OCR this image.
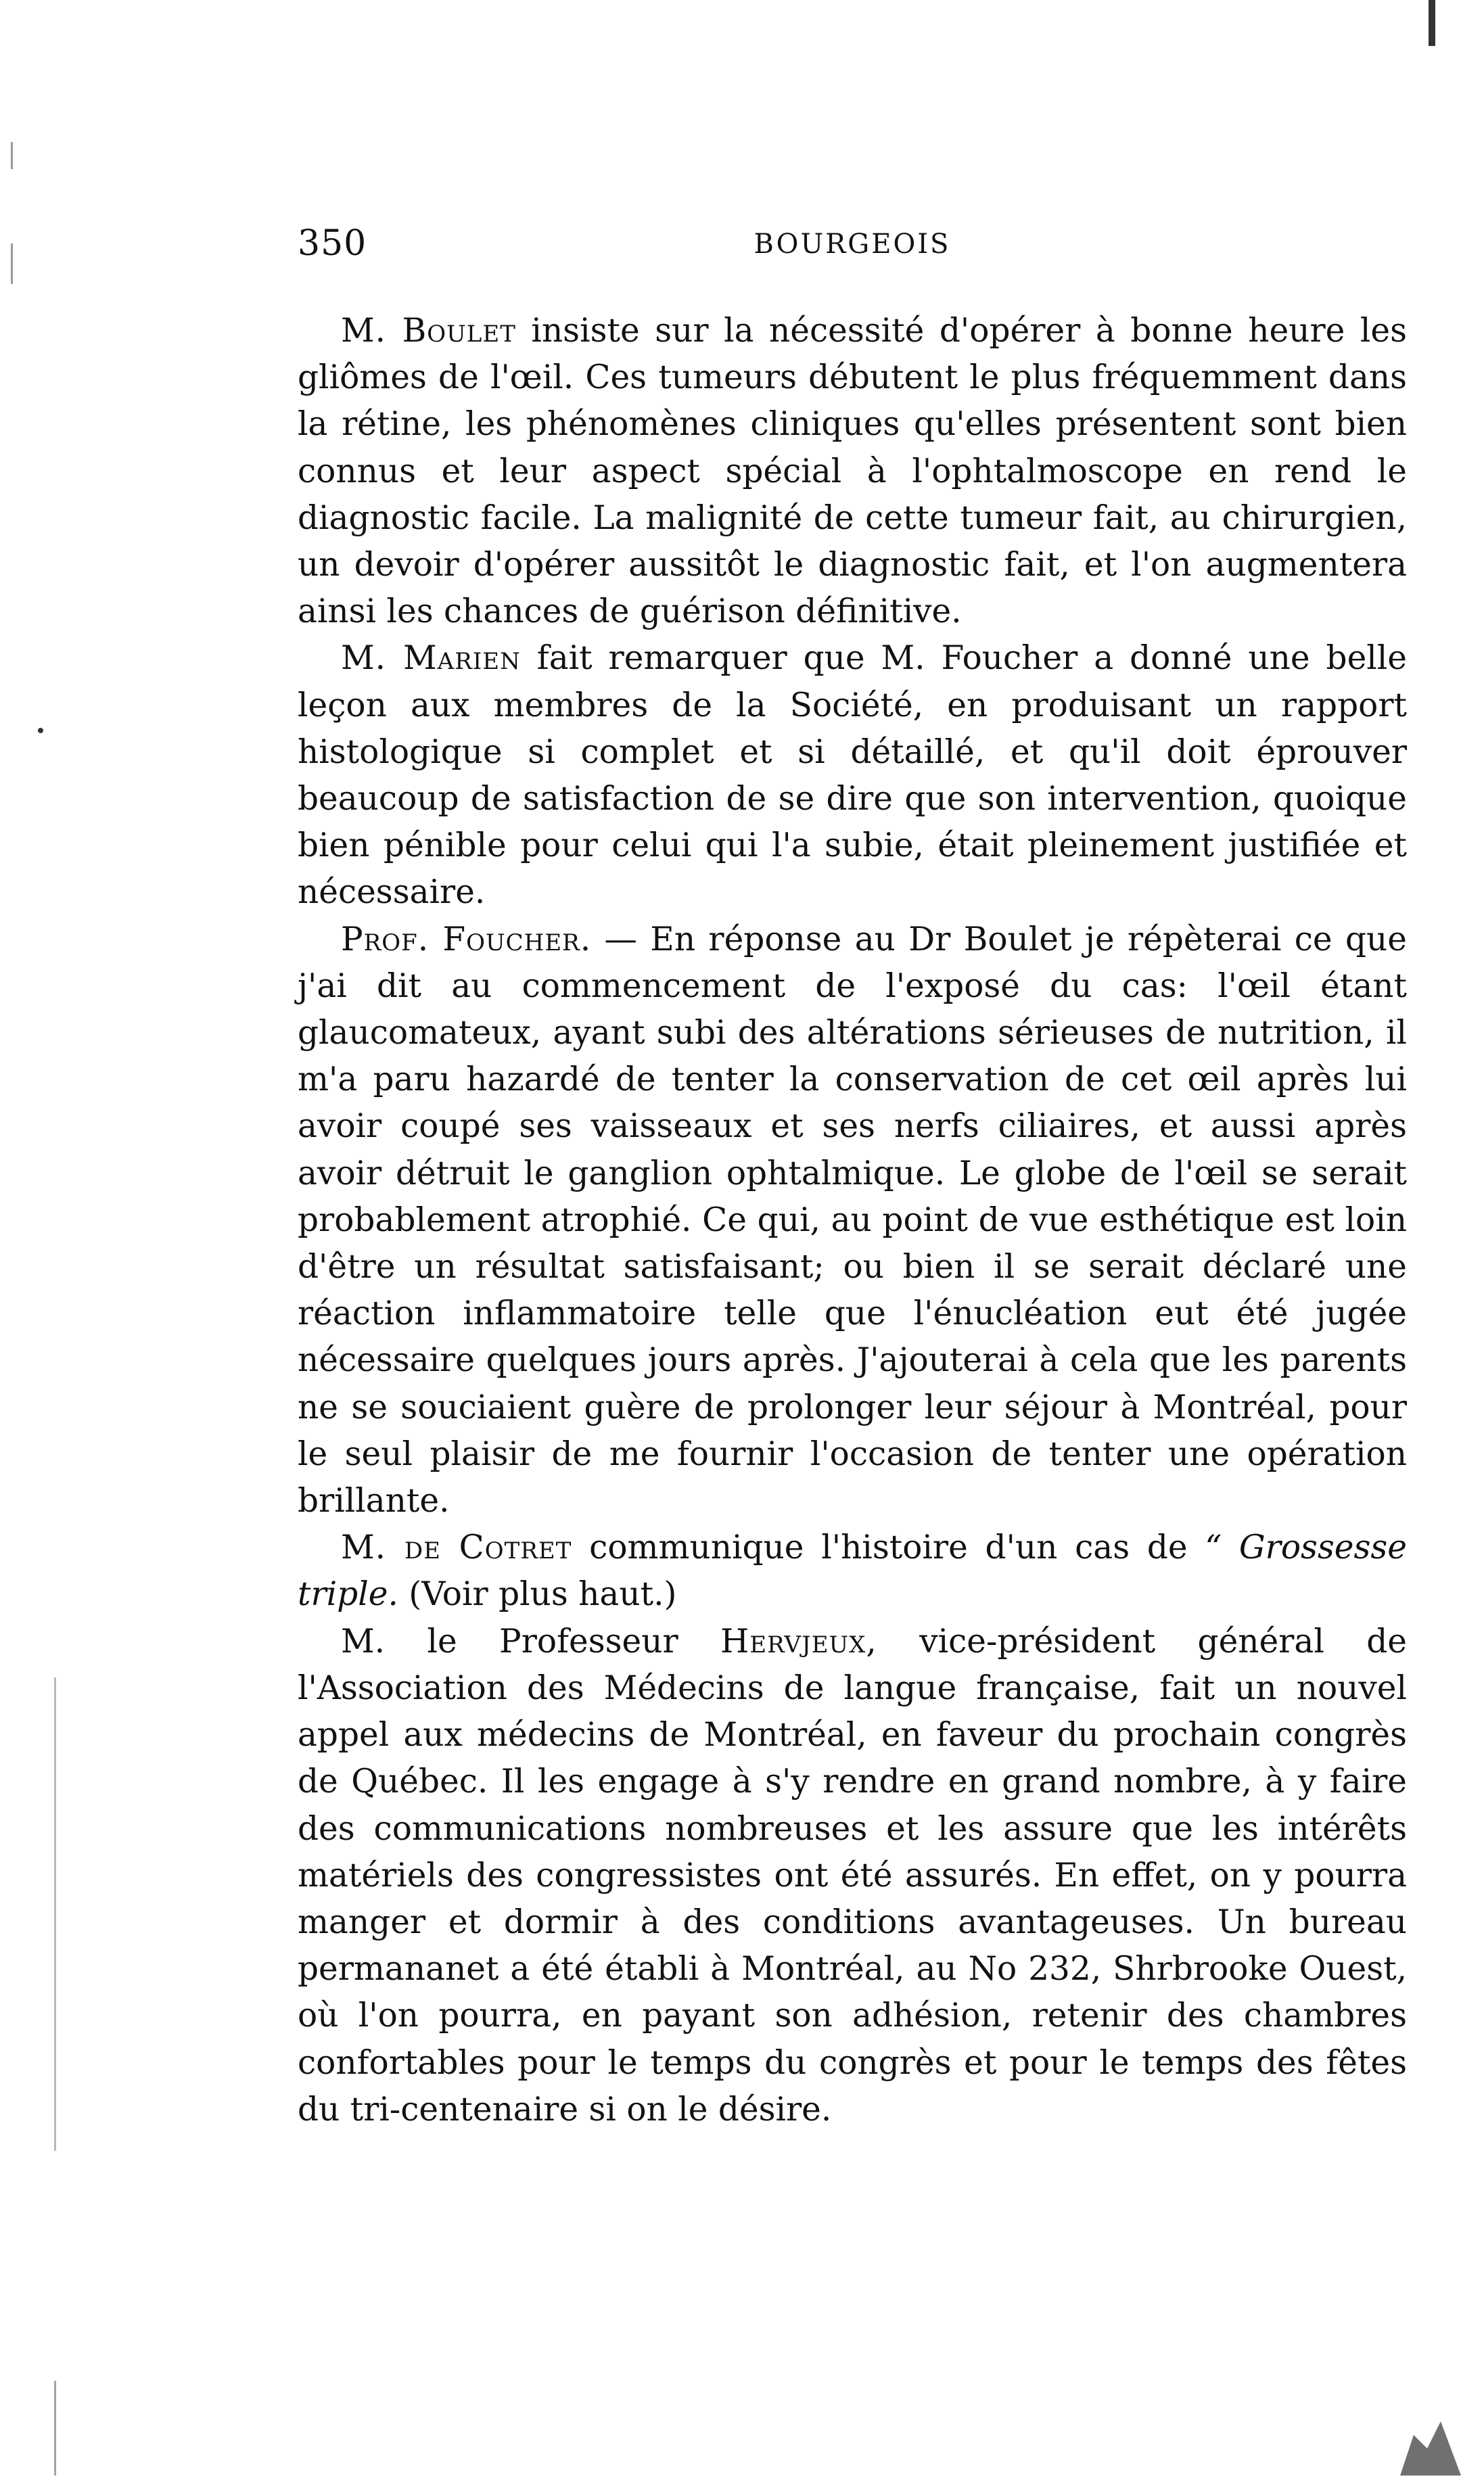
350	BOURGEOIS

M. Boulet insiste sur la nécessité d'opérer à bonne heure les gliômes de l'œil. Ces tumeurs débutent le plus fréquemment dans la rétine, les phénomènes cliniques qu'elles présentent sont bien connus et leur aspect spécial à l'ophtalmoscope en rend le diagnostic facile. La malignité de cette tumeur fait, au chirurgien, un devoir d'opérer aussitôt le diagnostic fait, et l'on augmentera ainsi les chances de guérison définitive.

M. Marien fait remarquer que M. Foucher a donné une belle leçon aux membres de la Société, en produisant un rapport histologique si complet et si détaillé, et qu'il doit éprouver beaucoup de satisfaction de se dire que son intervention, quoique bien pénible pour celui qui l'a subie, était pleinement justifiée et nécessaire.

Prof. Foucher. — En réponse au Dr Boulet je répèterai ce que j'ai dit au commencement de l'exposé du cas: l'œil étant glaucomateux, ayant subi des altérations sérieuses de nutrition, il m'a paru hazardé de tenter la conservation de cet œil après lui avoir coupé ses vaisseaux et ses nerfs ciliaires, et aussi après avoir détruit le ganglion ophtalmique. Le globe de l'œil se serait probablement atrophié. Ce qui, au point de vue esthétique est loin d'être un résultat satisfaisant; ou bien il se serait déclaré une réaction inflammatoire telle que l'énucléation eut été jugée nécessaire quelques jours après. J'ajouterai à cela que les parents ne se souciaient guère de prolonger leur séjour à Montréal, pour le seul plaisir de me fournir l'occasion de tenter une opération brillante.

M. de Cotret communique l'histoire d'un cas de “ Grossesse triple. (Voir plus haut.)

M. le Professeur Hervjeux, vice-président général de l'Association des Médecins de langue française, fait un nouvel appel aux médecins de Montréal, en faveur du prochain congrès de Québec. Il les engage à s'y rendre en grand nombre, à y faire des communications nombreuses et les assure que les intérêts matériels des congressistes ont été assurés. En effet, on y pourra manger et dormir à des conditions avantageuses. Un bureau permananet a été établi à Montréal, au No 232, Shrbrooke Ouest, où l'on pourra, en payant son adhésion, retenir des chambres confortables pour le temps du congrès et pour le temps des fêtes du tri-centenaire si on le désire.
